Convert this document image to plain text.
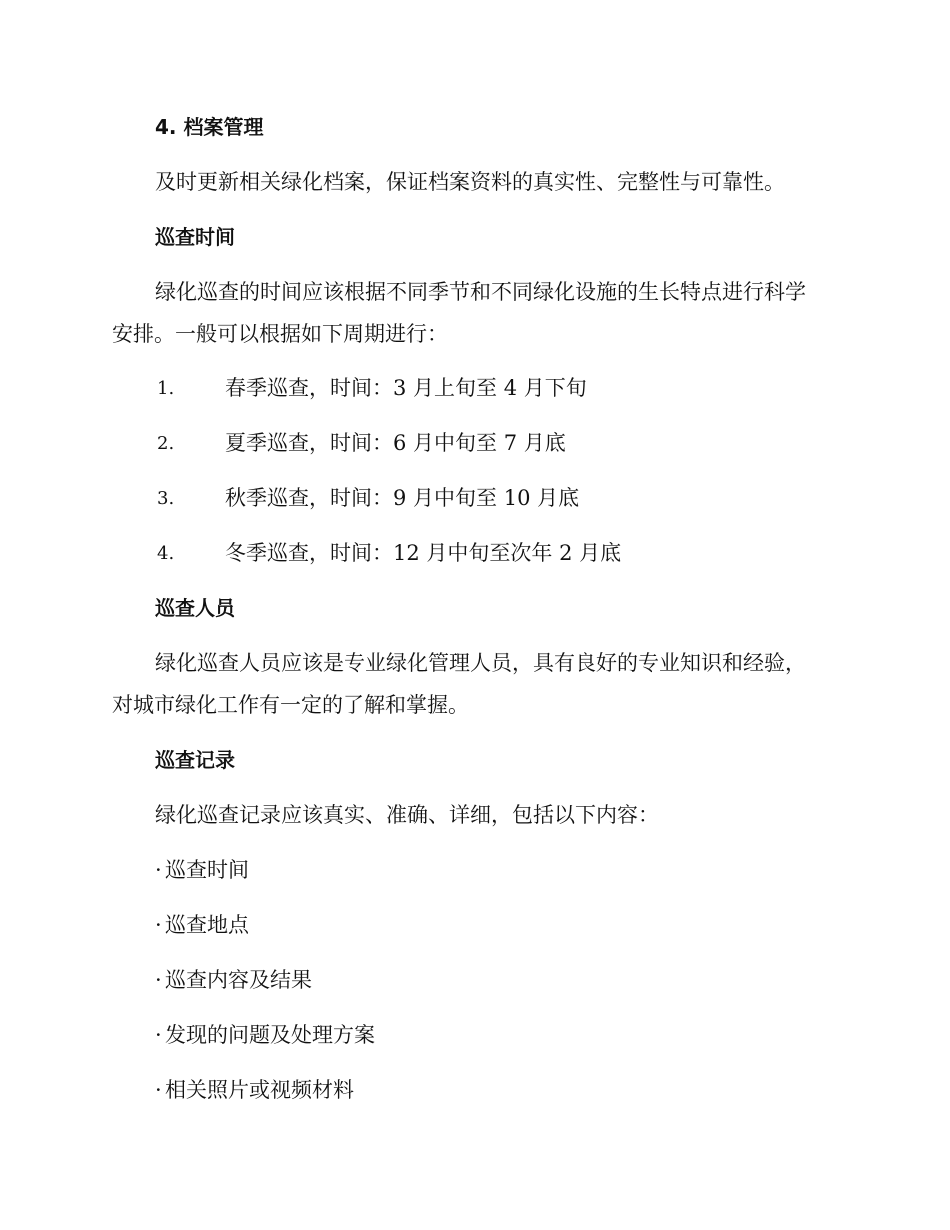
4. 档案管理
及时更新相关绿化档案，保证档案资料的真实性、完整性与可靠性。
巡查时间
绿化巡查的时间应该根据不同季节和不同绿化设施的生长特点进行科学
安排。一般可以根据如下周期进行：
1. 春季巡查，时间：3 月上旬至 4 月下旬
2. 夏季巡查，时间：6 月中旬至 7 月底
3. 秋季巡查，时间：9 月中旬至 10 月底
4. 冬季巡查，时间：12 月中旬至次年 2 月底
巡查人员
绿化巡查人员应该是专业绿化管理人员，具有良好的专业知识和经验，
对城市绿化工作有一定的了解和掌握。
巡查记录
绿化巡查记录应该真实、准确、详细，包括以下内容：
· 巡查时间
· 巡查地点
· 巡查内容及结果
· 发现的问题及处理方案
· 相关照片或视频材料
